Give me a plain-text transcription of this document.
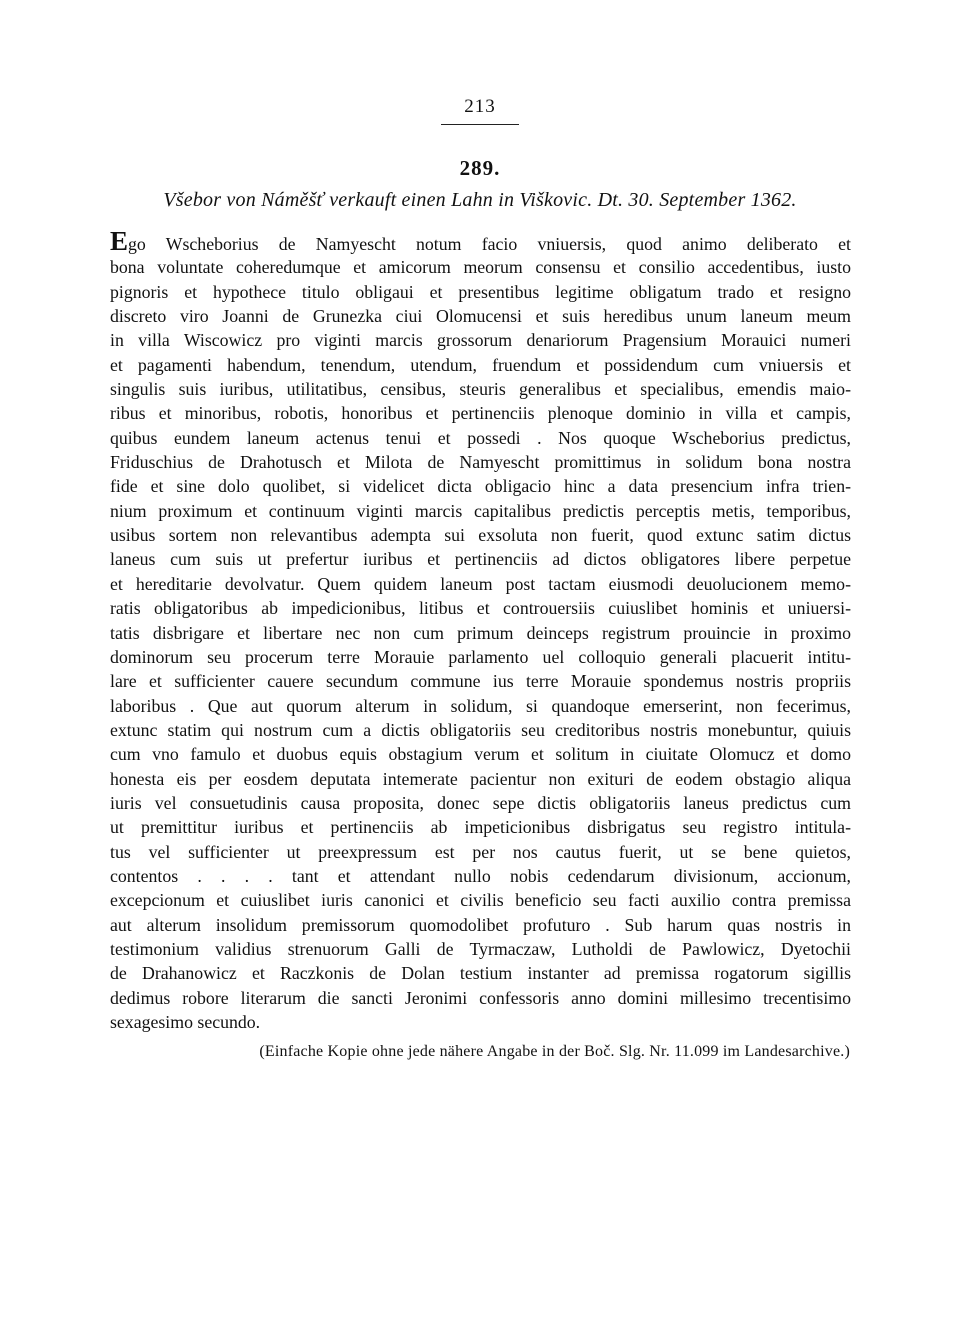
213
289.
Všebor von Náměšť verkauft einen Lahn in Viškovic. Dt. 30. September 1362.
Ego Wscheborius de Namyescht notum facio vniuersis, quod animo deliberato et
bona voluntate coheredumque et amicorum meorum consensu et consilio accedentibus, iusto
pignoris et hypothece titulo obligaui et presentibus legitime obligatum trado et resigno
discreto viro Joanni de Grunezka ciui Olomucensi et suis heredibus unum laneum meum
in villa Wiscowicz pro viginti marcis grossorum denariorum Pragensium Morauici numeri
et pagamenti habendum, tenendum, utendum, fruendum et possidendum cum vniuersis et
singulis suis iuribus, utilitatibus, censibus, steuris generalibus et specialibus, emendis maio-
ribus et minoribus, robotis, honoribus et pertinenciis plenoque dominio in villa et campis,
quibus eundem laneum actenus tenui et possedi . Nos quoque Wscheborius predictus,
Friduschius de Drahotusch et Milota de Namyescht promittimus in solidum bona nostra
fide et sine dolo quolibet, si videlicet dicta obligacio hinc a data presencium infra trien-
nium proximum et continuum viginti marcis capitalibus predictis perceptis metis, temporibus,
usibus sortem non relevantibus adempta sui exsoluta non fuerit, quod extunc satim dictus
laneus cum suis ut prefertur iuribus et pertinenciis ad dictos obligatores libere perpetue
et hereditarie devolvatur. Quem quidem laneum post tactam eiusmodi deuolucionem memo-
ratis obligatoribus ab impedicionibus, litibus et controuersiis cuiuslibet hominis et uniuersi-
tatis disbrigare et libertare nec non cum primum deinceps registrum prouincie in proximo
dominorum seu procerum terre Morauie parlamento uel colloquio generali placuerit intitu-
lare et sufficienter cauere secundum commune ius terre Morauie spondemus nostris propriis
laboribus . Que aut quorum alterum in solidum, si quandoque emerserint, non fecerimus,
extunc statim qui nostrum cum a dictis obligatoriis seu creditoribus nostris monebuntur, quiuis
cum vno famulo et duobus equis obstagium verum et solitum in ciuitate Olomucz et domo
honesta eis per eosdem deputata intemerate pacientur non exituri de eodem obstagio aliqua
iuris vel consuetudinis causa proposita, donec sepe dictis obligatoriis laneus predictus cum
ut premittitur iuribus et pertinenciis ab impeticionibus disbrigatus seu registro intitula-
tus vel sufficienter ut preexpressum est per nos cautus fuerit, ut se bene quietos,
contentos . . . . tant et attendant nullo nobis cedendarum divisionum, accionum,
excepcionum et cuiuslibet iuris canonici et civilis beneficio seu facti auxilio contra premissa
aut alterum insolidum premissorum quomodolibet profuturo . Sub harum quas nostris in
testimonium validius strenuorum Galli de Tyrmaczaw, Lutholdi de Pawlowicz, Dyetochii
de Drahanowicz et Raczkonis de Dolan testium instanter ad premissa rogatorum sigillis
dedimus robore literarum die sancti Jeronimi confessoris anno domini millesimo trecentisimo
sexagesimo secundo.
(Einfache Kopie ohne jede nähere Angabe in der Boč. Slg. Nr. 11.099 im Landesarchive.)
